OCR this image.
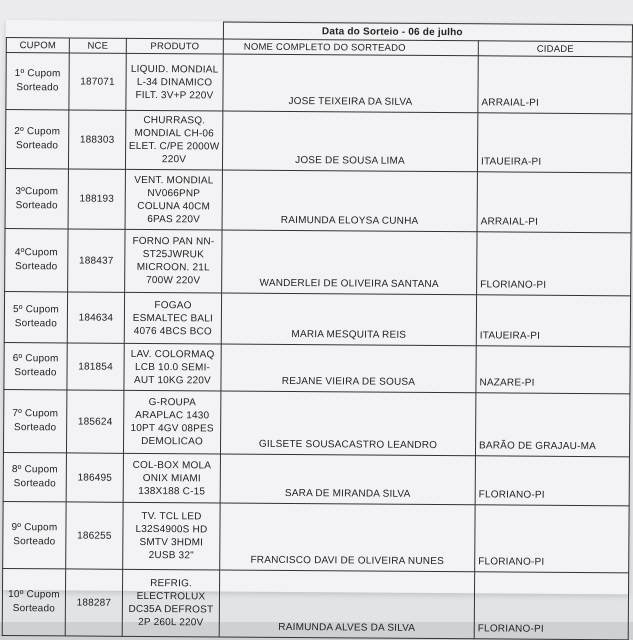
			Data do Sorteio - 06 de julho	
CUPOM	NCE	PRODUTO	NOME COMPLETO DO SORTEADO	CIDADE
1º Cupom
Sorteado	187071	LIQUID. MONDIAL L-34 DINAMICO FILT. 3V+P 220V	JOSE TEIXEIRA DA SILVA	ARRAIAL-PI
2º Cupom
Sorteado	188303	CHURRASQ. MONDIAL CH-06 ELET. C/PE 2000W 220V	JOSE DE SOUSA LIMA	ITAUEIRA-PI
3ºCupom
Sorteado	188193	VENT. MONDIAL NV066PNP COLUNA 40CM 6PAS 220V	RAIMUNDA ELOYSA CUNHA	ARRAIAL-PI
4ºCupom
Sorteado	188437	FORNO PAN NN-ST25JWRUK MICROON. 21L 700W 220V	WANDERLEI DE OLIVEIRA SANTANA	FLORIANO-PI
5º Cupom
Sorteado	184634	FOGAO ESMALTEC BALI 4076 4BCS BCO	MARIA MESQUITA REIS	ITAUEIRA-PI
6º Cupom
Sorteado	181854	LAV. COLORMAQ LCB 10.0 SEMI-AUT 10KG 220V	REJANE VIEIRA DE SOUSA	NAZARE-PI
7º Cupom
Sorteado	185624	G-ROUPA ARAPLAC 1430 10PT 4GV 08PES DEMOLICAO	GILSETE SOUSACASTRO LEANDRO	BARÃO DE GRAJAU-MA
8º Cupom
Sorteado	186495	COL-BOX MOLA ONIX MIAMI 138X188 C-15	SARA DE MIRANDA SILVA	FLORIANO-PI
9º Cupom
Sorteado	186255	TV. TCL LED L32S4900S HD SMTV 3HDMI 2USB 32"	FRANCISCO DAVI DE OLIVEIRA NUNES	FLORIANO-PI
10º Cupom
Sorteado	188287	REFRIG. ELECTROLUX DC35A DEFROST 2P 260L 220V	RAIMUNDA ALVES DA SILVA	FLORIANO-PI
